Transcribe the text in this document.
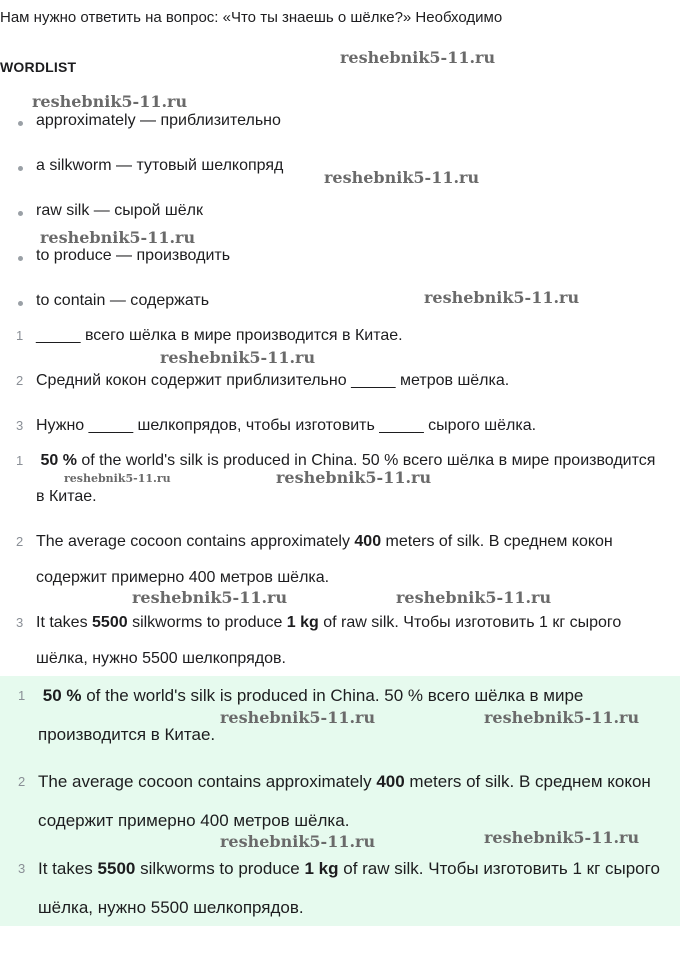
Нам нужно ответить на вопрос: «Что ты знаешь о шёлке?» Необходимо
WORDLIST
approximately — приблизительно
a silkworm — тутовый шелкопряд
raw silk — сырой шёлк
to produce — производить
to contain — содержать
1 _____ всего шёлка в мире производится в Китае.
2 Средний кокон содержит приблизительно _____ метров шёлка.
3 Нужно _____ шелкопрядов, чтобы изготовить _____ сырого шёлка.
1 50 % of the world's silk is produced in China. 50 % всего шёлка в мире производится в Китае.
2 The average cocoon contains approximately 400 meters of silk. В среднем кокон содержит примерно 400 метров шёлка.
3 It takes 5500 silkworms to produce 1 kg of raw silk. Чтобы изготовить 1 кг сырого шёлка, нужно 5500 шелкопрядов.
1 50 % of the world's silk is produced in China. 50 % всего шёлка в мире производится в Китае.
2 The average cocoon contains approximately 400 meters of silk. В среднем кокон содержит примерно 400 метров шёлка.
3 It takes 5500 silkworms to produce 1 kg of raw silk. Чтобы изготовить 1 кг сырого шёлка, нужно 5500 шелкопрядов.
reshebnik5-11.ru
reshebnik5-11.ru
reshebnik5-11.ru
reshebnik5-11.ru
reshebnik5-11.ru
reshebnik5-11.ru
reshebnik5-11.ru	reshebnik5-11.ru
reshebnik5-11.ru	reshebnik5-11.ru
reshebnik5-11.ru	reshebnik5-11.ru
reshebnik5-11.ru	reshebnik5-11.ru
